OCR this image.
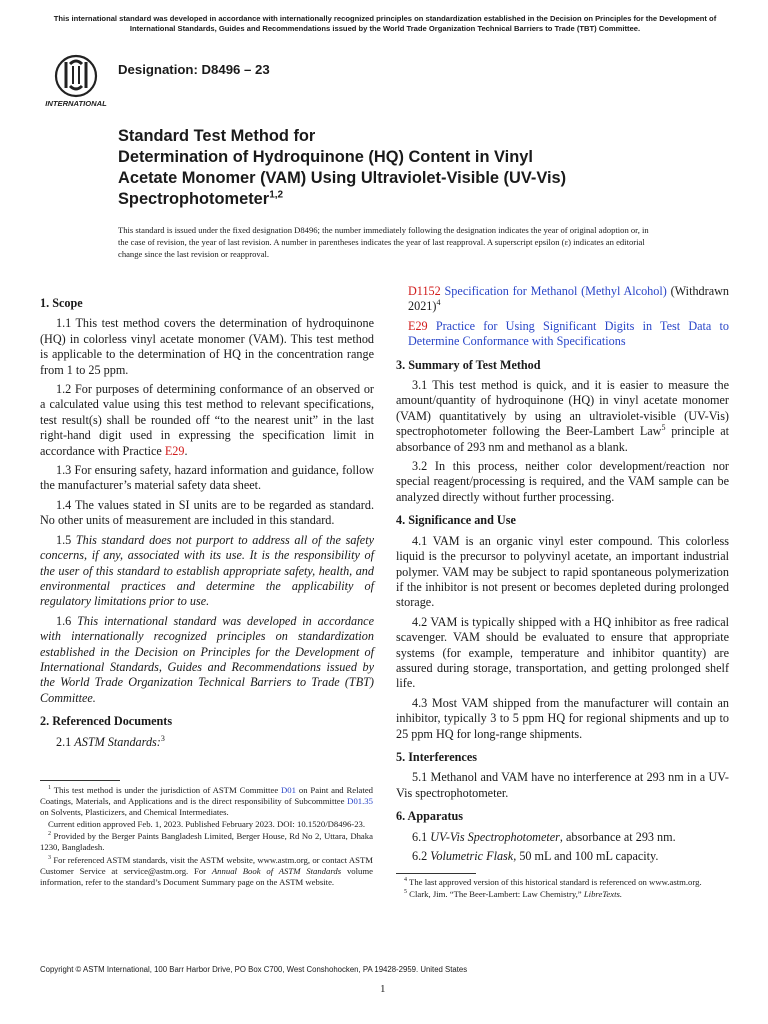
This international standard was developed in accordance with internationally recognized principles on standardization established in the Decision on Principles for the Development of International Standards, Guides and Recommendations issued by the World Trade Organization Technical Barriers to Trade (TBT) Committee.
INTERNATIONAL
Designation: D8496 – 23
Standard Test Method for
Determination of Hydroquinone (HQ) Content in Vinyl
Acetate Monomer (VAM) Using Ultraviolet-Visible (UV-Vis)
Spectrophotometer$^{1,2}$
This standard is issued under the fixed designation D8496; the number immediately following the designation indicates the year of original adoption or, in the case of revision, the year of last revision. A number in parentheses indicates the year of last reapproval. A superscript epsilon (ε) indicates an editorial change since the last revision or reapproval.
1. Scope

1.1 This test method covers the determination of hydroquinone (HQ) in colorless vinyl acetate monomer (VAM). This test method is applicable to the determination of HQ in the concentration range from 1 to 25 ppm.

1.2 For purposes of determining conformance of an observed or a calculated value using this test method to relevant specifications, test result(s) shall be rounded off “to the nearest unit” in the last right-hand digit used in expressing the specification limit in accordance with Practice E29.

1.3 For ensuring safety, hazard information and guidance, follow the manufacturer’s material safety data sheet.

1.4 The values stated in SI units are to be regarded as standard. No other units of measurement are included in this standard.

1.5 This standard does not purport to address all of the safety concerns, if any, associated with its use. It is the responsibility of the user of this standard to establish appropriate safety, health, and environmental practices and determine the applicability of regulatory limitations prior to use.

1.6 This international standard was developed in accordance with internationally recognized principles on standardization established in the Decision on Principles for the Development of International Standards, Guides and Recommendations issued by the World Trade Organization Technical Barriers to Trade (TBT) Committee.

2. Referenced Documents

2.1 ASTM Standards:$^3$

D1152 Specification for Methanol (Methyl Alcohol) (Withdrawn 2021)$^4$
E29 Practice for Using Significant Digits in Test Data to Determine Conformance with Specifications
3. Summary of Test Method

3.1 This test method is quick, and it is easier to measure the amount/quantity of hydroquinone (HQ) in vinyl acetate monomer (VAM) quantitatively by using an ultraviolet-visible (UV-Vis) spectrophotometer following the Beer-Lambert Law$^5$ principle at absorbance of 293 nm and methanol as a blank.

3.2 In this process, neither color development/reaction nor special reagent/processing is required, and the VAM sample can be analyzed directly without further processing.

4. Significance and Use

4.1 VAM is an organic vinyl ester compound. This colorless liquid is the precursor to polyvinyl acetate, an important industrial polymer. VAM may be subject to rapid spontaneous polymerization if the inhibitor is not present or becomes depleted during prolonged storage.

4.2 VAM is typically shipped with a HQ inhibitor as free radical scavenger. VAM should be evaluated to ensure that appropriate systems (for example, temperature and inhibitor quantity) are assured during storage, transportation, and getting prolonged shelf life.

4.3 Most VAM shipped from the manufacturer will contain an inhibitor, typically 3 to 5 ppm HQ for regional shipments and up to 25 ppm HQ for long-range shipments.

5. Interferences

5.1 Methanol and VAM have no interference at 293 nm in a UV-Vis spectrophotometer.

6. Apparatus

6.1 UV-Vis Spectrophotometer, absorbance at 293 nm.

6.2 Volumetric Flask, 50 mL and 100 mL capacity.

$^1$ This test method is under the jurisdiction of ASTM Committee D01 on Paint and Related Coatings, Materials, and Applications and is the direct responsibility of Subcommittee D01.35 on Solvents, Plasticizers, and Chemical Intermediates.

Current edition approved Feb. 1, 2023. Published February 2023. DOI: 10.1520/D8496-23.

$^2$ Provided by the Berger Paints Bangladesh Limited, Berger House, Rd No 2, Uttara, Dhaka 1230, Bangladesh.

$^3$ For referenced ASTM standards, visit the ASTM website, www.astm.org, or contact ASTM Customer Service at service@astm.org. For Annual Book of ASTM Standards volume information, refer to the standard’s Document Summary page on the ASTM website.	$^4$ The last approved version of this historical standard is referenced on www.astm.org.

$^5$ Clark, Jim. “The Beer-Lambert: Law Chemistry,” LibreTexts.

Copyright © ASTM International, 100 Barr Harbor Drive, PO Box C700, West Conshohocken, PA 19428-2959. United States
1
